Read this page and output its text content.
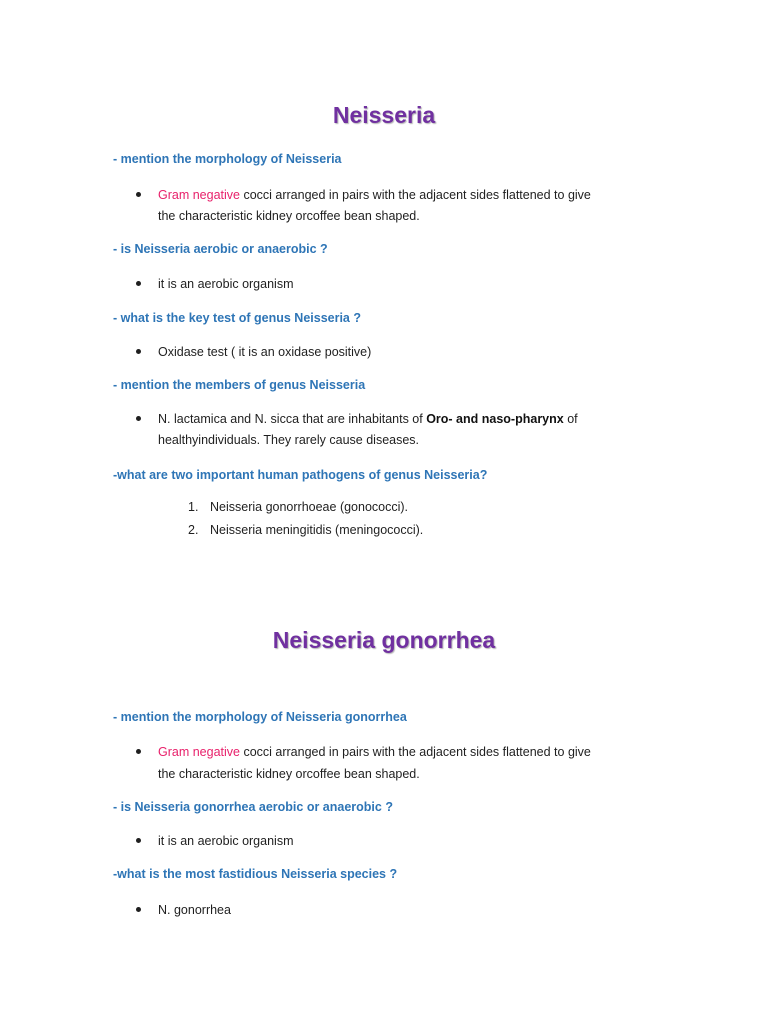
Neisseria
- mention the morphology of Neisseria
Gram negative cocci arranged in pairs with the adjacent sides flattened to give
the characteristic kidney orcoffee bean shaped.
- is Neisseria aerobic or anaerobic ?
it is an aerobic organism
- what is the key test of genus Neisseria ?
Oxidase test ( it is an oxidase positive)
- mention the members of genus Neisseria
N. lactamica and N. sicca that are inhabitants of Oro- and naso-pharynx of
healthyindividuals. They rarely cause diseases.
-what are two important human pathogens of genus Neisseria?
1. Neisseria gonorrhoeae (gonococci).
2. Neisseria meningitidis (meningococci).
Neisseria gonorrhea
- mention the morphology of Neisseria gonorrhea
Gram negative cocci arranged in pairs with the adjacent sides flattened to give
the characteristic kidney orcoffee bean shaped.
- is Neisseria gonorrhea aerobic or anaerobic ?
it is an aerobic organism
-what is the most fastidious Neisseria species ?
N. gonorrhea
